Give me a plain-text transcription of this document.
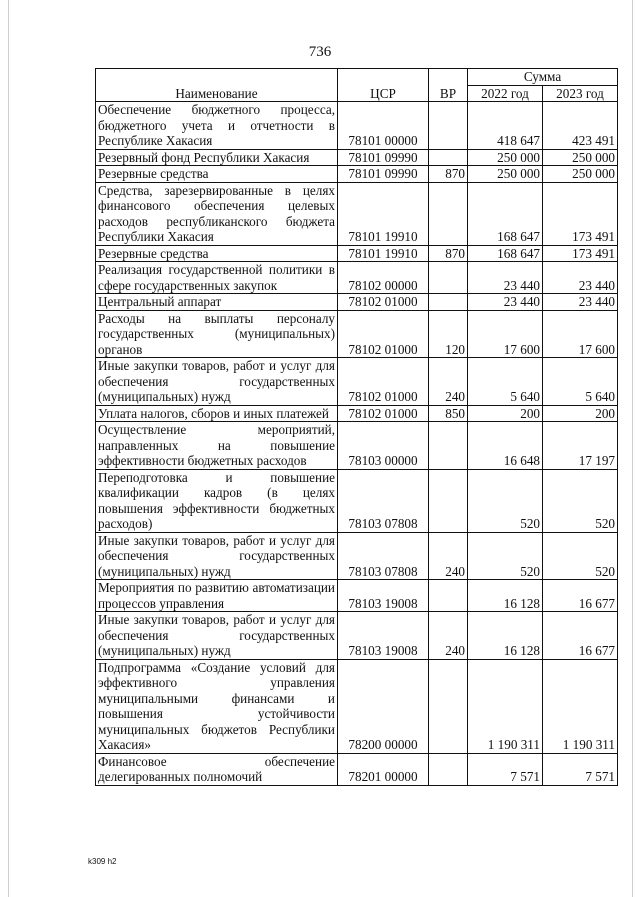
736
Наименование	ЦСР	ВР	Сумма	
			2022 год	2023 год
Обеспечение бюджетного процесса, бюджетного учета и отчетности в Республике Хакасия	78101 00000		418 647	423 491
Резервный фонд Республики Хакасия	78101 09990		250 000	250 000
Резервные средства	78101 09990	870	250 000	250 000
Средства, зарезервированные в целях финансового обеспечения целевых расходов республиканского бюджета Республики Хакасия	78101 19910		168 647	173 491
Резервные средства	78101 19910	870	168 647	173 491
Реализация государственной политики в сфере государственных закупок	78102 00000		23 440	23 440
Центральный аппарат	78102 01000		23 440	23 440
Расходы на выплаты персоналу государственных (муниципальных) органов	78102 01000	120	17 600	17 600
Иные закупки товаров, работ и услуг для обеспечения государственных (муниципальных) нужд	78102 01000	240	5 640	5 640
Уплата налогов, сборов и иных платежей	78102 01000	850	200	200
Осуществление мероприятий, направленных на повышение эффективности бюджетных расходов	78103 00000		16 648	17 197
Переподготовка и повышение квалификации кадров (в целях повышения эффективности бюджетных расходов)	78103 07808		520	520
Иные закупки товаров, работ и услуг для обеспечения государственных (муниципальных) нужд	78103 07808	240	520	520
Мероприятия по развитию автоматизации процессов управления	78103 19008		16 128	16 677
Иные закупки товаров, работ и услуг для обеспечения государственных (муниципальных) нужд	78103 19008	240	16 128	16 677
Подпрограмма «Создание условий для эффективного управления муниципальными финансами и повышения устойчивости муниципальных бюджетов Республики Хакасия»	78200 00000		1 190 311	1 190 311
Финансовое обеспечение делегированных полномочий	78201 00000		7 571	7 571
k309 h2
